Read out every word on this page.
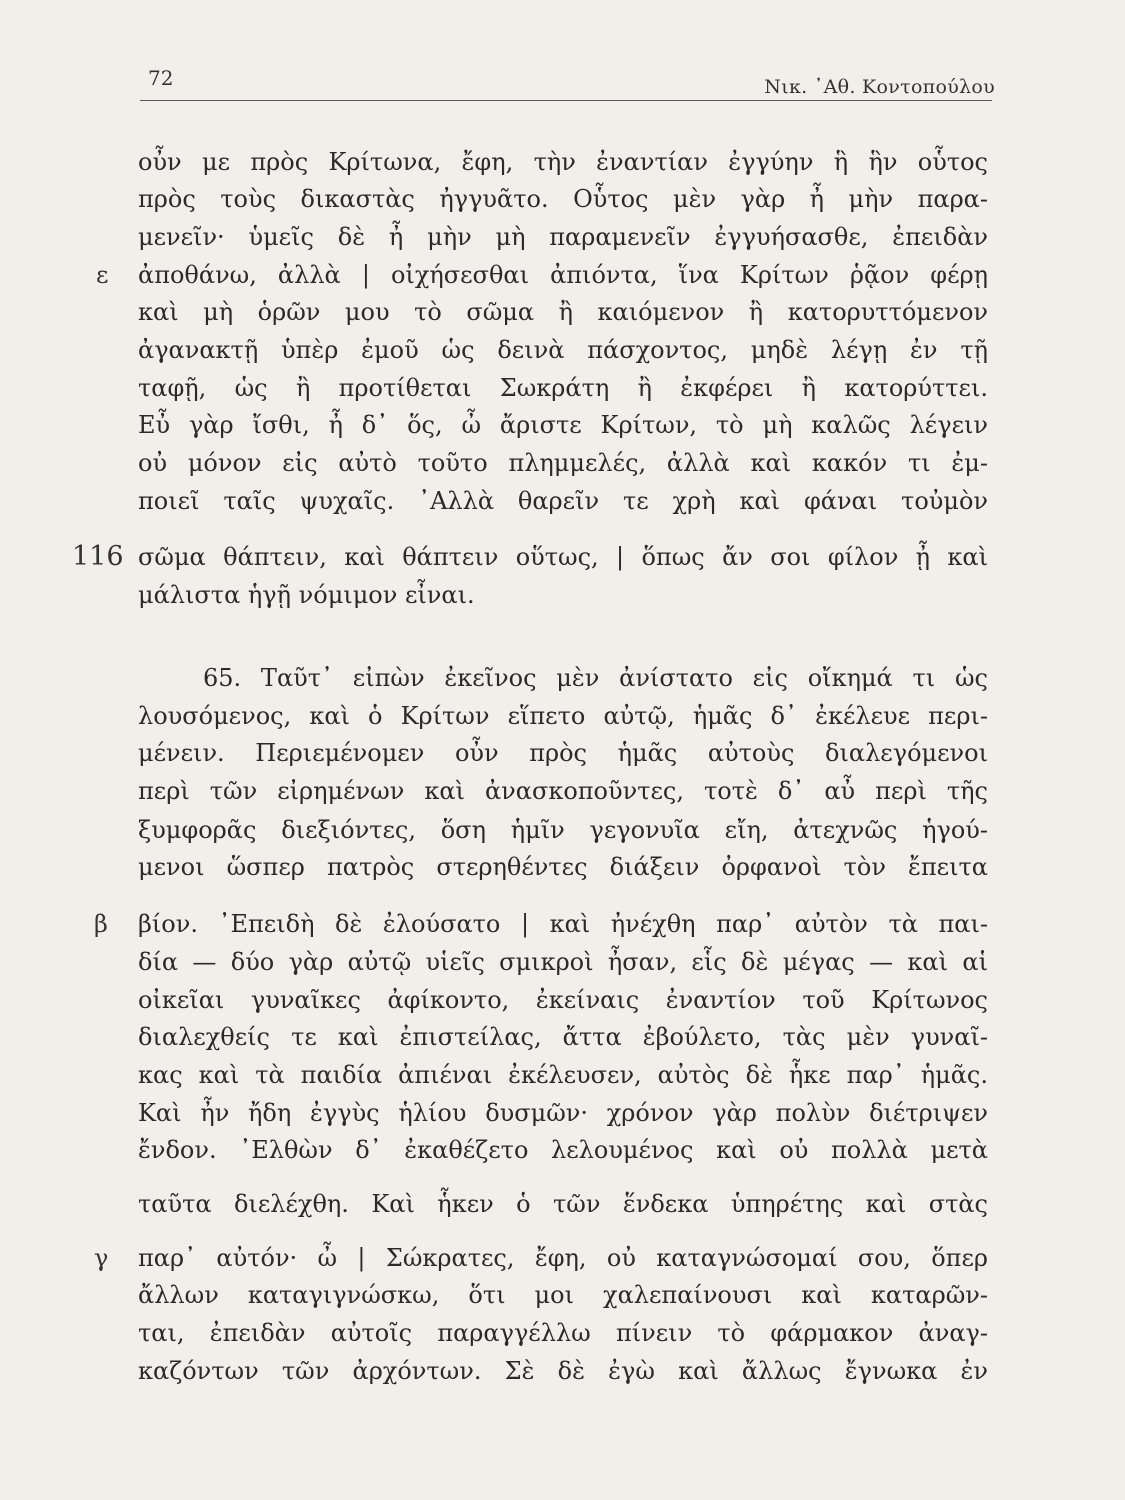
72	Νικ. ᾽Αθ. Κοντοπούλου
ε
116
β
γ
οὖν με πρὸς Κρίτωνα, ἔφη, τὴν ἐναντίαν ἐγγύην ἣ ἣν οὗτος
πρὸς τοὺς δικαστὰς ἠγγυᾶτο. Οὗτος μὲν γὰρ ἦ μὴν παρα-
μενεῖν· ὑμεῖς δὲ ἦ μὴν μὴ παραμενεῖν ἐγγυήσασθε, ἐπειδὰν
ἀποθάνω, ἀλλὰ | οἰχήσεσθαι ἀπιόντα, ἵνα Κρίτων ῥᾷον φέρῃ
καὶ μὴ ὁρῶν μου τὸ σῶμα ἢ καιόμενον ἢ κατορυττόμενον
ἀγανακτῇ ὑπὲρ ἐμοῦ ὡς δεινὰ πάσχοντος, μηδὲ λέγῃ ἐν τῇ
ταφῇ, ὡς ἢ προτίθεται Σωκράτη ἢ ἐκφέρει ἢ κατορύττει.
Εὖ γὰρ ἴσθι, ἦ δ᾽ ὅς, ὦ ἄριστε Κρίτων, τὸ μὴ καλῶς λέγειν
οὐ μόνον εἰς αὐτὸ τοῦτο πλημμελές, ἀλλὰ καὶ κακόν τι ἐμ-
ποιεῖ ταῖς ψυχαῖς. ᾽Αλλὰ θαρεῖν τε χρὴ καὶ φάναι τοὐμὸν
σῶμα θάπτειν, καὶ θάπτειν οὕτως, | ὅπως ἄν σοι φίλον ᾖ καὶ
μάλιστα ἡγῇ νόμιμον εἶναι.
65. Ταῦτ᾽ εἰπὼν ἐκεῖνος μὲν ἀνίστατο εἰς οἴκημά τι ὡς
λουσόμενος, καὶ ὁ Κρίτων εἵπετο αὐτῷ, ἡμᾶς δ᾽ ἐκέλευε περι-
μένειν. Περιεμένομεν οὖν πρὸς ἡμᾶς αὐτοὺς διαλεγόμενοι
περὶ τῶν εἰρημένων καὶ ἀνασκοποῦντες, τοτὲ δ᾽ αὖ περὶ τῆς
ξυμφορᾶς διεξιόντες, ὅση ἡμῖν γεγονυῖα εἴη, ἀτεχνῶς ἡγού-
μενοι ὥσπερ πατρὸς στερηθέντες διάξειν ὀρφανοὶ τὸν ἔπειτα
βίον. ᾽Επειδὴ δὲ ἐλούσατο | καὶ ἠνέχθη παρ᾽ αὐτὸν τὰ παι-
δία — δύο γὰρ αὐτῷ υἱεῖς σμικροὶ ἦσαν, εἷς δὲ μέγας — καὶ αἱ
οἰκεῖαι γυναῖκες ἀφίκοντο, ἐκείναις ἐναντίον τοῦ Κρίτωνος
διαλεχθείς τε καὶ ἐπιστείλας, ἄττα ἐβούλετο, τὰς μὲν γυναῖ-
κας καὶ τὰ παιδία ἀπιέναι ἐκέλευσεν, αὐτὸς δὲ ἧκε παρ᾽ ἡμᾶς.
Καὶ ἦν ἤδη ἐγγὺς ἡλίου δυσμῶν· χρόνον γὰρ πολὺν διέτριψεν
ἔνδον. ᾽Ελθὼν δ᾽ ἐκαθέζετο λελουμένος καὶ οὐ πολλὰ μετὰ
ταῦτα διελέχθη. Καὶ ἧκεν ὁ τῶν ἕνδεκα ὑπηρέτης καὶ στὰς
παρ᾽ αὐτόν· ὦ | Σώκρατες, ἔφη, οὐ καταγνώσομαί σου, ὅπερ
ἄλλων καταγιγνώσκω, ὅτι μοι χαλεπαίνουσι καὶ καταρῶν-
ται, ἐπειδὰν αὐτοῖς παραγγέλλω πίνειν τὸ φάρμακον ἀναγ-
καζόντων τῶν ἀρχόντων. Σὲ δὲ ἐγὼ καὶ ἄλλως ἔγνωκα ἐν
